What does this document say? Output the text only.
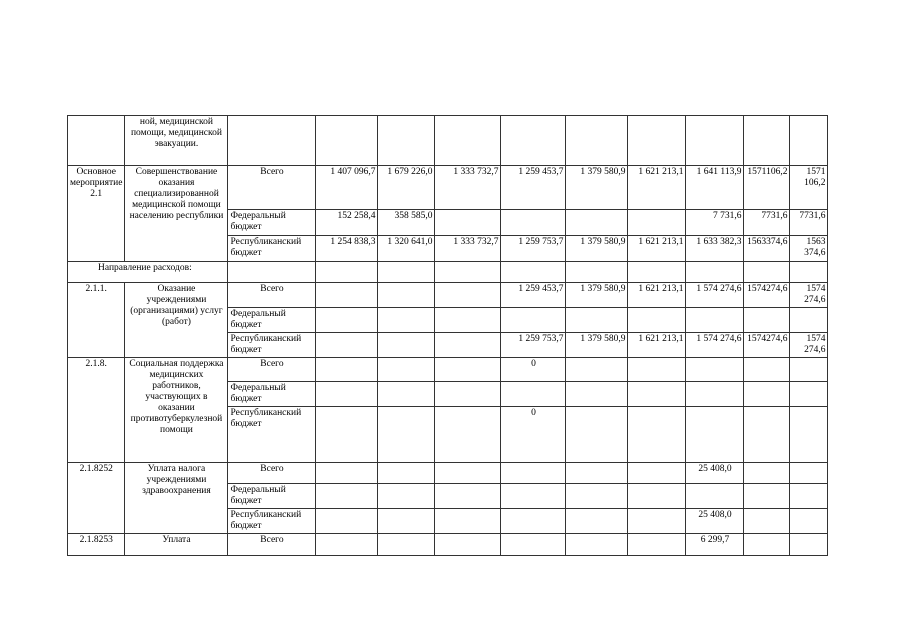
	ной, медицинской помощи, медицинской эвакуации.										
Основное мероприятие 2.1	Совершенствование оказания специализированной медицинской помощи населению республики	Всего	1 407 096,7	1 679 226,0	1 333 732,7	1 259 453,7	1 379 580,9	1 621 213,1	1 641 113,9	1571106,2	1571 106,2
		Федеральный бюджет	152 258,4	358 585,0					7 731,6	7731,6	7731,6
		Республиканский бюджет	1 254 838,3	1 320 641,0	1 333 732,7	1 259 753,7	1 379 580,9	1 621 213,1	1 633 382,3	1563374,6	1563 374,6
Направление расходов:											
2.1.1.	Оказание учреждениями (организациями) услуг (работ)	Всего				1 259 453,7	1 379 580,9	1 621 213,1	1 574 274,6	1574274,6	1574 274,6
		Федеральный бюджет									
		Республиканский бюджет				1 259 753,7	1 379 580,9	1 621 213,1	1 574 274,6	1574274,6	1574 274,6
2.1.8.	Социальная поддержка медицинских работников, участвующих в оказании противотуберкулезной помощи	Всего				0					
		Федеральный бюджет									
		Республиканский бюджет				0					
2.1.8252	Уплата налога учреждениями здравоохранения	Всего							25 408,0		
		Федеральный бюджет									
		Республиканский бюджет							25 408,0		
2.1.8253	Уплата	Всего							6 299,7		
